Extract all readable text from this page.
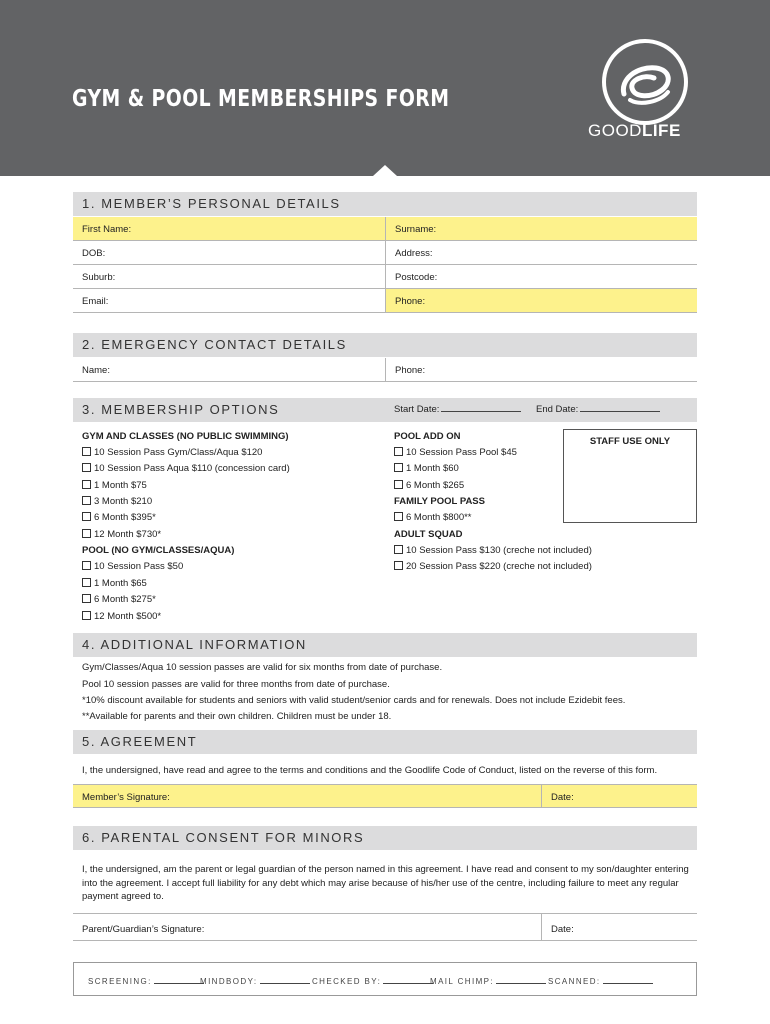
GYM & POOL MEMBERSHIPS FORM
GOODLIFE
1. MEMBER’S PERSONAL DETAILS
First Name:	Surname:
DOB:	Address:
Suburb:	Postcode:
Email:	Phone:
2. EMERGENCY CONTACT DETAILS
Name:	Phone:
3. MEMBERSHIP OPTIONS	Start Date:	End Date:
GYM AND CLASSES (NO PUBLIC SWIMMING)
10 Session Pass Gym/Class/Aqua $120
10 Session Pass Aqua $110 (concession card)
1 Month $75
3 Month $210
6 Month $395*
12 Month $730*
POOL (NO GYM/CLASSES/AQUA)
10 Session Pass $50
1 Month $65
6 Month $275*
12 Month $500*
POOL ADD ON
10 Session Pass Pool $45
1 Month $60
6 Month $265
FAMILY POOL PASS
6 Month $800**
ADULT SQUAD
10 Session Pass $130 (creche not included)
20 Session Pass $220 (creche not included)
STAFF USE ONLY
4. ADDITIONAL INFORMATION
Gym/Classes/Aqua 10 session passes are valid for six months from date of purchase.
Pool 10 session passes are valid for three months from date of purchase.
*10% discount available for students and seniors with valid student/senior cards and for renewals. Does not include Ezidebit fees.
**Available for parents and their own children. Children must be under 18.
5. AGREEMENT
I, the undersigned, have read and agree to the terms and conditions and the Goodlife Code of Conduct, listed on the reverse of this form.
Member’s Signature:	Date:
6. PARENTAL CONSENT FOR MINORS
I, the undersigned, am the parent or legal guardian of the person named in this agreement. I have read and consent to my son/daughter entering into the agreement. I accept full liability for any debt which may arise because of his/her use of the centre, including failure to meet any regular payment agreed to.
Parent/Guardian’s Signature:	Date:
SCREENING:	MINDBODY:	CHECKED BY:	MAIL CHIMP:	SCANNED:
